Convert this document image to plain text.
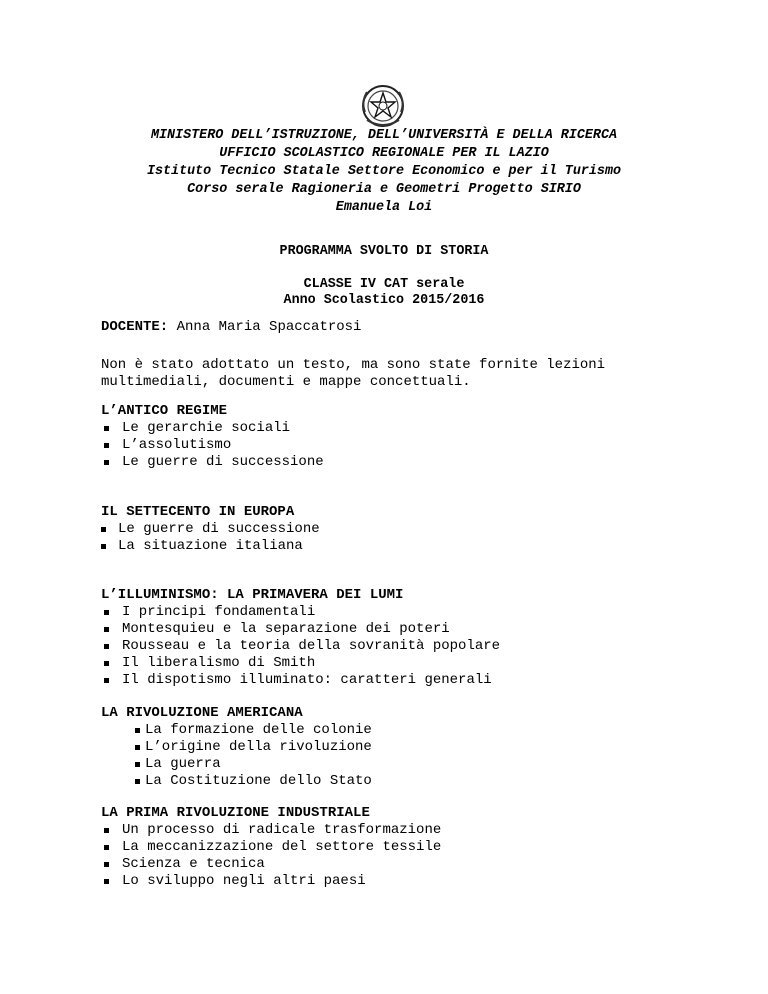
MINISTERO DELL’ISTRUZIONE, DELL’UNIVERSITÀ E DELLA RICERCA
UFFICIO SCOLASTICO REGIONALE PER IL LAZIO
Istituto Tecnico Statale Settore Economico e per il Turismo
Corso serale Ragioneria e Geometri Progetto SIRIO
Emanuela Loi
PROGRAMMA SVOLTO DI STORIA
CLASSE IV CAT serale
Anno Scolastico 2015/2016
DOCENTE: Anna Maria Spaccatrosi
Non è stato adottato un testo, ma sono state fornite lezioni
multimediali, documenti e mappe concettuali.
L’ANTICO REGIME
Le gerarchie sociali
L’assolutismo
Le guerre di successione
IL SETTECENTO IN EUROPA
Le guerre di successione
La situazione italiana
L’ILLUMINISMO: LA PRIMAVERA DEI LUMI
I principi fondamentali
Montesquieu e la separazione dei poteri
Rousseau e la teoria della sovranità popolare
Il liberalismo di Smith
Il dispotismo illuminato: caratteri generali
LA RIVOLUZIONE AMERICANA
La formazione delle colonie
L’origine della rivoluzione
La guerra
La Costituzione dello Stato
LA PRIMA RIVOLUZIONE INDUSTRIALE
Un processo di radicale trasformazione
La meccanizzazione del settore tessile
Scienza e tecnica
Lo sviluppo negli altri paesi
